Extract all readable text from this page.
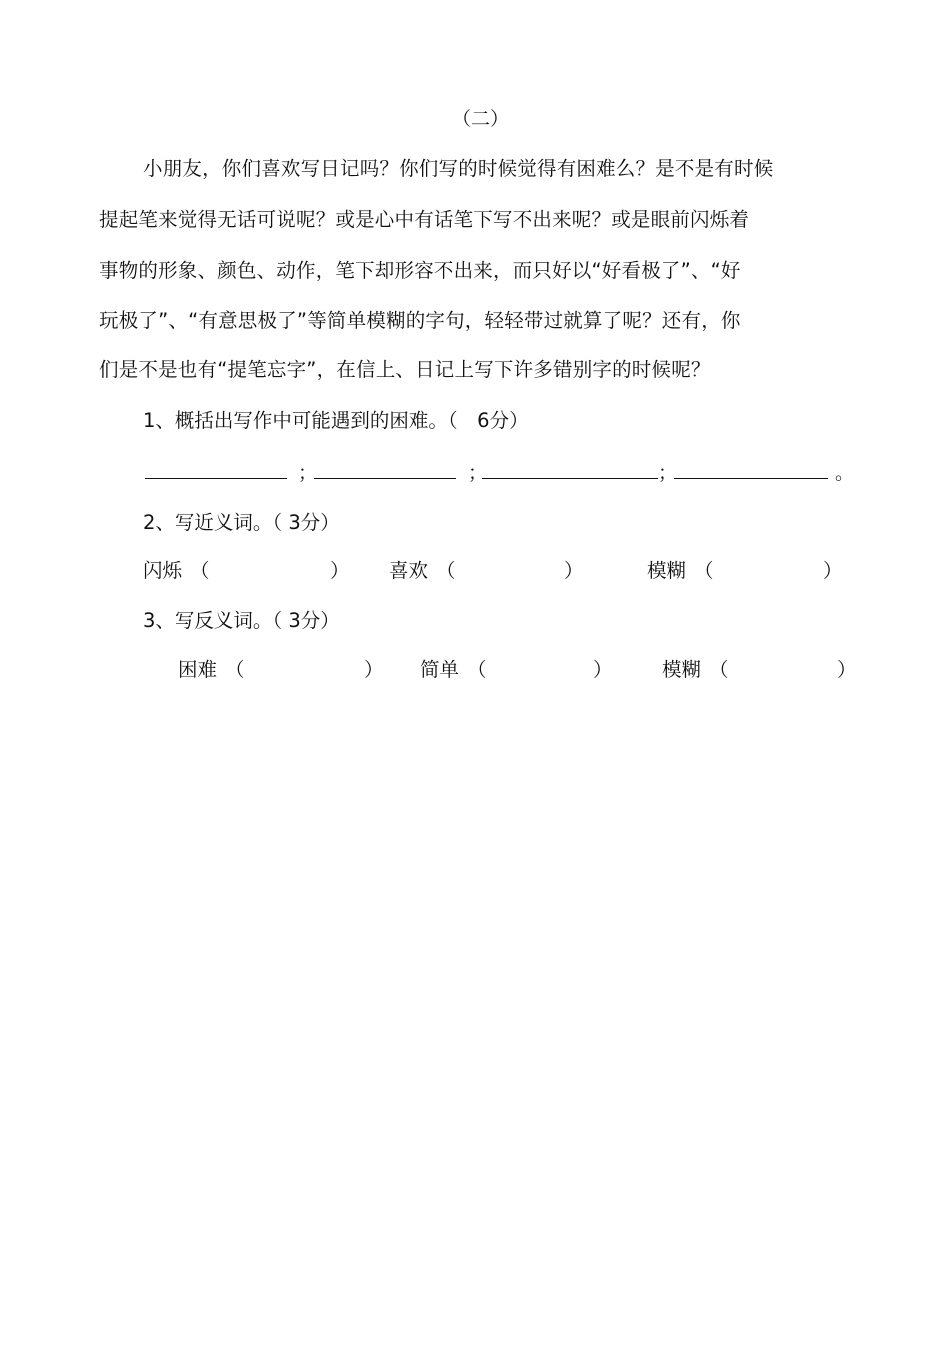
（二）
小朋友，你们喜欢写日记吗？你们写的时候觉得有困难么？是不是有时候
提起笔来觉得无话可说呢？或是心中有话笔下写不出来呢？或是眼前闪烁着
事物的形象、颜色、动作，笔下却形容不出来，而只好以“好看极了”、“好
玩极了”、“有意思极了”等简单模糊的字句，轻轻带过就算了呢？还有，你
们是不是也有“提笔忘字”，在信上、日记上写下许多错别字的时候呢？
1、概括出写作中可能遇到的困难。（　6分）
；	；	；	。
2、写近义词。（ 3分）
闪烁 （	） 喜欢 （	）	模糊 （	）
3、写反义词。（ 3分）
困难 （	） 简单 （	）	模糊 （	）
